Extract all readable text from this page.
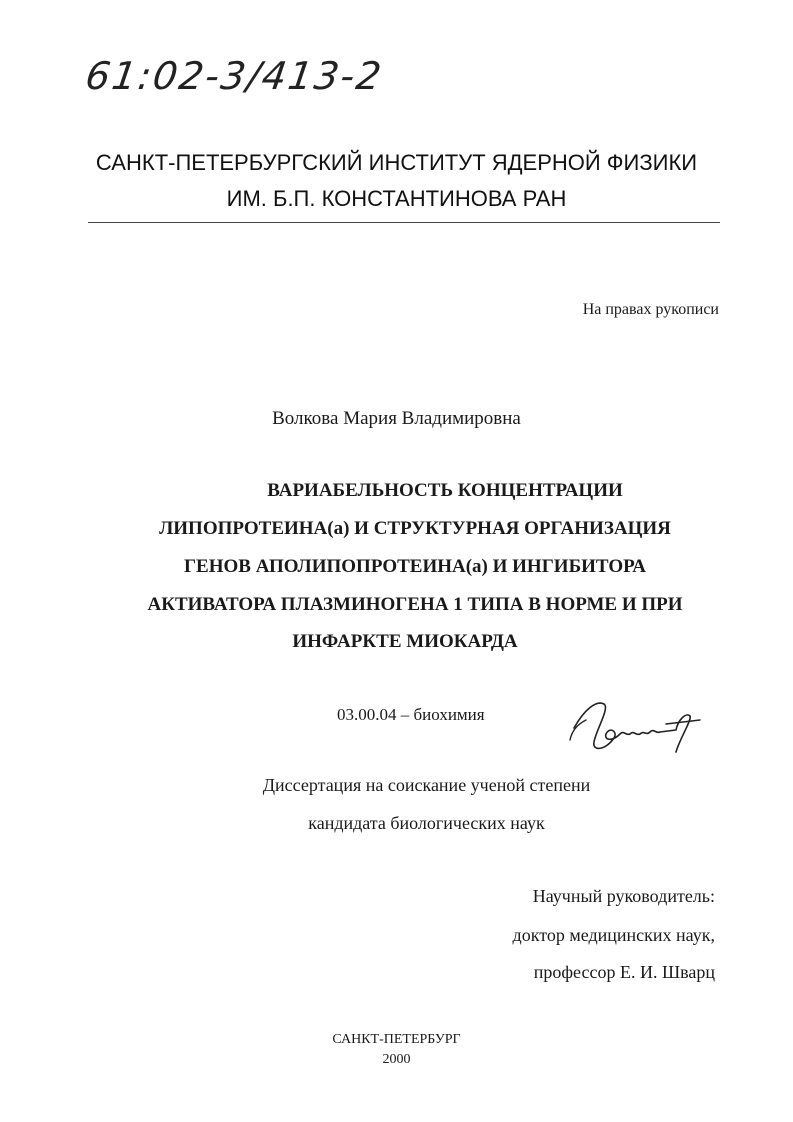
61:02-3/413-2
САНКТ-ПЕТЕРБУРГСКИЙ ИНСТИТУТ ЯДЕРНОЙ ФИЗИКИ
ИМ. Б.П. КОНСТАНТИНОВА РАН
На правах рукописи
Волкова Мария Владимировна
ВАРИАБЕЛЬНОСТЬ КОНЦЕНТРАЦИИ
ЛИПОПРОТЕИНА(а) И СТРУКТУРНАЯ ОРГАНИЗАЦИЯ
ГЕНОВ АПОЛИПОПРОТЕИНА(а) И ИНГИБИТОРА
АКТИВАТОРА ПЛАЗМИНОГЕНА 1 ТИПА В НОРМЕ И ПРИ
ИНФАРКТЕ МИОКАРДА
03.00.04 – биохимия
Диссертация на соискание ученой степени
кандидата биологических наук
Научный руководитель:
доктор медицинских наук,
профессор Е. И. Шварц
САНКТ-ПЕТЕРБУРГ
2000
